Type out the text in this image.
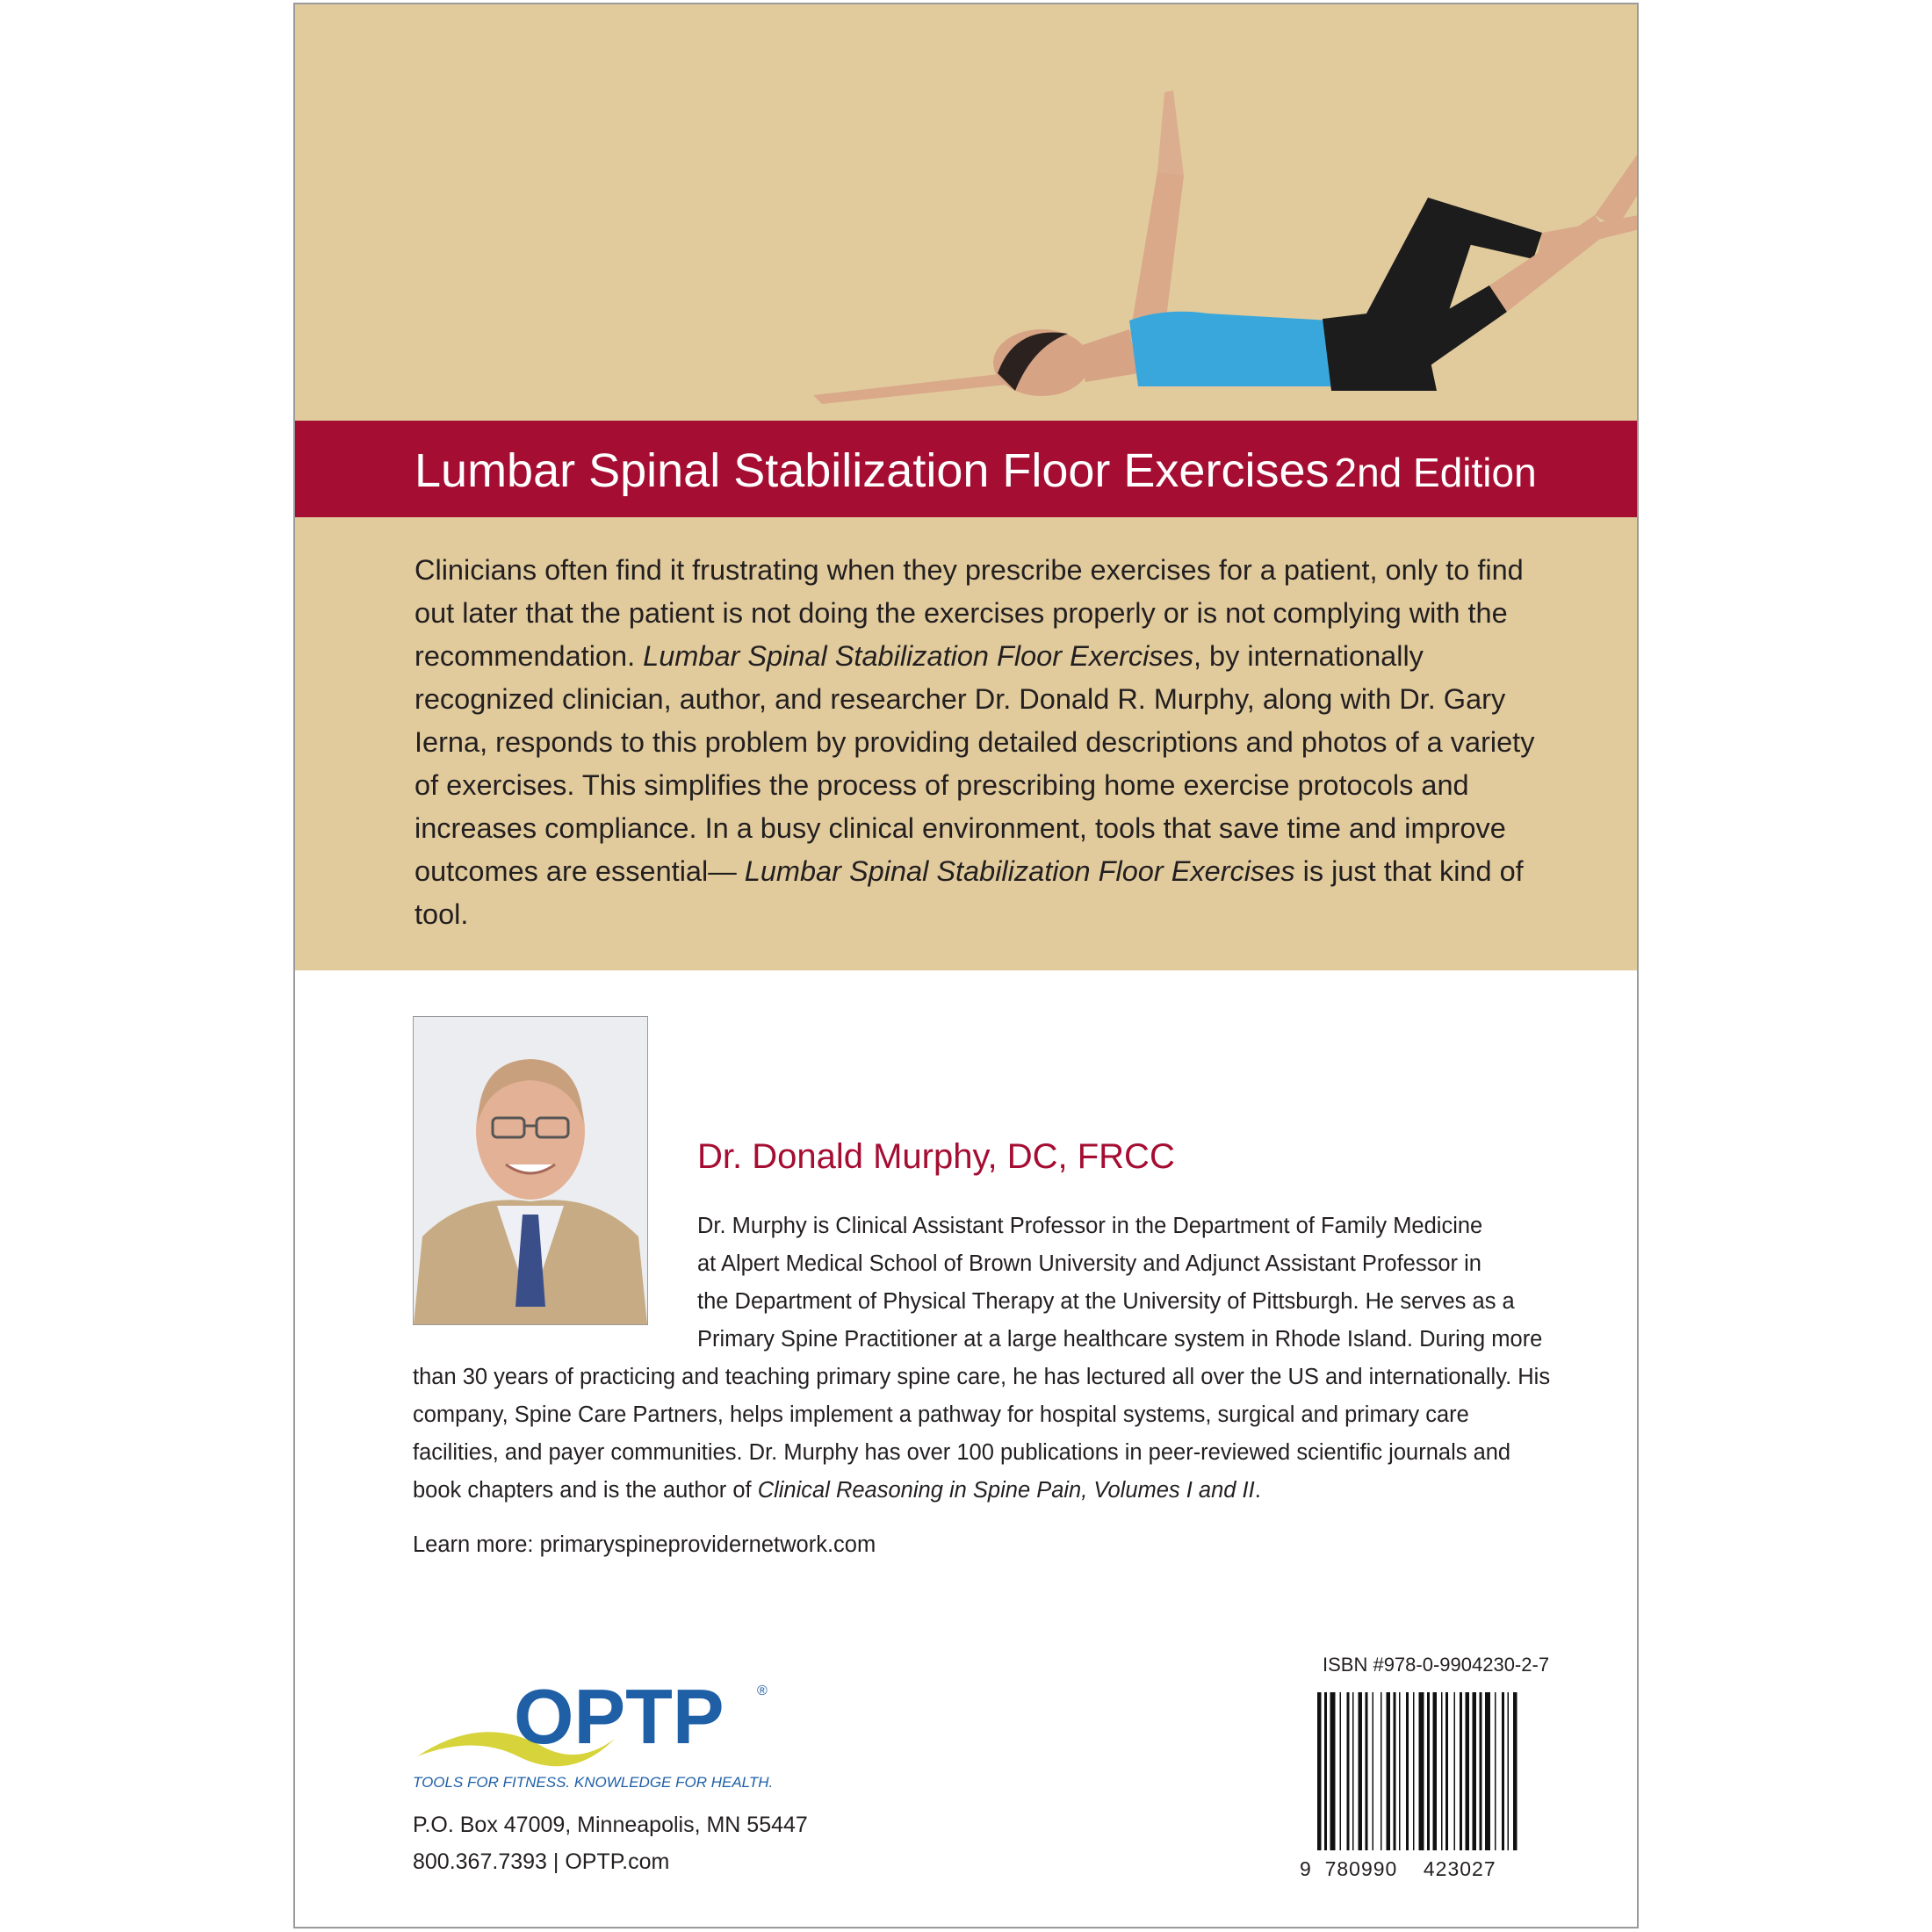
Lumbar Spinal Stabilization Floor Exercises 2nd Edition

Clinicians often find it frustrating when they prescribe exercises for a patient, only to find out later that the patient is not doing the exercises properly or is not complying with the recommendation. Lumbar Spinal Stabilization Floor Exercises, by internationally recognized clinician, author, and researcher Dr. Donald R. Murphy, along with Dr. Gary Ierna, responds to this problem by providing detailed descriptions and photos of a variety of exercises. This simplifies the process of prescribing home exercise protocols and increases compliance. In a busy clinical environment, tools that save time and improve outcomes are essential— Lumbar Spinal Stabilization Floor Exercises is just that kind of tool.

Dr. Donald Murphy, DC, FRCC
Dr. Murphy is Clinical Assistant Professor in the Department of Family Medicine
at Alpert Medical School of Brown University and Adjunct Assistant Professor in
the Department of Physical Therapy at the University of Pittsburgh. He serves as a
Primary Spine Practitioner at a large healthcare system in Rhode Island. During more
than 30 years of practicing and teaching primary spine care, he has lectured all over the US and internationally. His company, Spine Care Partners, helps implement a pathway for hospital systems, surgical and primary care facilities, and payer communities. Dr. Murphy has over 100 publications in peer-reviewed scientific journals and book chapters and is the author of Clinical Reasoning in Spine Pain, Volumes I and II.
Learn more: primaryspineprovidernetwork.com
OPTP ®
TOOLS FOR FITNESS. KNOWLEDGE FOR HEALTH.
P.O. Box 47009, Minneapolis, MN 55447
800.367.7393 | OPTP.com
ISBN #978-0-9904230-2-7
9 780990 423027
